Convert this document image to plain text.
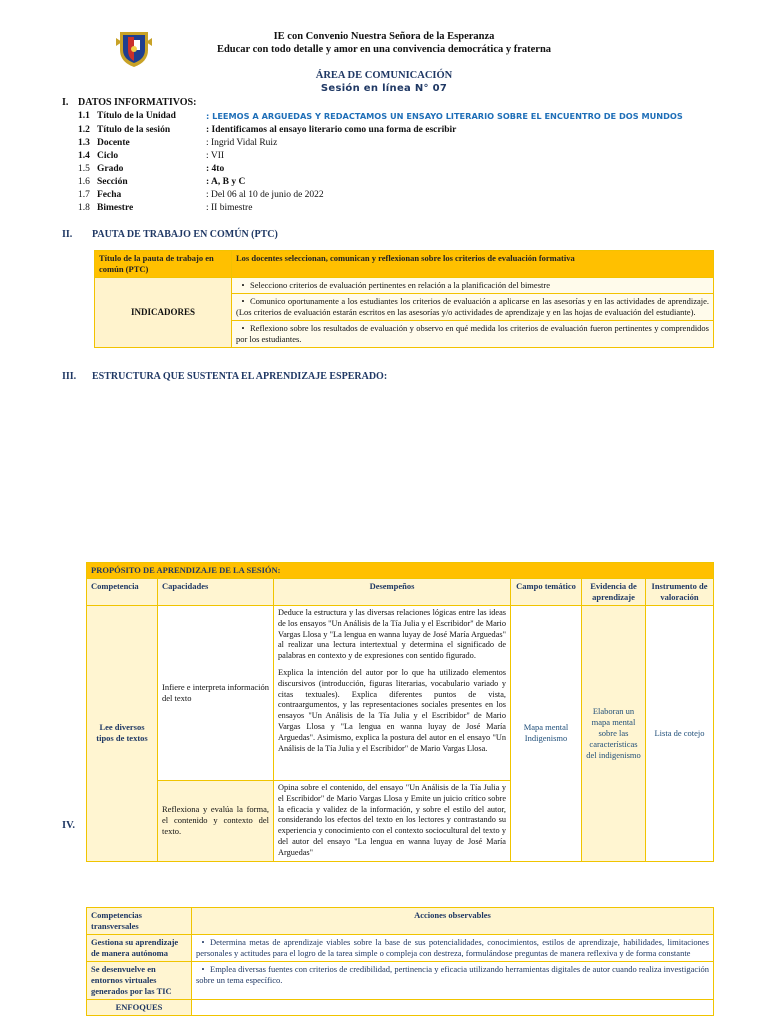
IE con Convenio Nuestra Señora de la Esperanza
Educar con todo detalle y amor en una convivencia democrática y fraterna
ÁREA DE COMUNICACIÓN
Sesión en línea N° 07
I. DATOS INFORMATIVOS:
1.1 Título de la Unidad	: LEEMOS A ARGUEDAS Y REDACTAMOS UN ENSAYO LITERARIO SOBRE EL ENCUENTRO DE DOS MUNDOS
1.2 Título de la sesión	: Identificamos al ensayo literario como una forma de escribir
1.3 Docente	: Ingrid Vidal Ruiz
1.4 Ciclo	: VII
1.5 Grado	: 4to
1.6 Sección	: A, B y C
1.7 Fecha	: Del 06 al 10 de junio de 2022
1.8 Bimestre	: II bimestre
II. PAUTA DE TRABAJO EN COMÚN (PTC)
Título de la pauta de trabajo en común (PTC)	Los docentes seleccionan, comunican y reflexionan sobre los criterios de evaluación formativa
INDICADORES	• Selecciono criterios de evaluación pertinentes en relación a la planificación del bimestre
	• Comunico oportunamente a los estudiantes los criterios de evaluación a aplicarse en las asesorías y en las actividades de aprendizaje. (Los criterios de evaluación estarán escritos en las asesorías y/o actividades de aprendizaje y en las hojas de evaluación del estudiante).
	• Reflexiono sobre los resultados de evaluación y observo en qué medida los criterios de evaluación fueron pertinentes y comprendidos por los estudiantes.
III. ESTRUCTURA QUE SUSTENTA EL APRENDIZAJE ESPERADO:
IV.
PROPÓSITO DE APRENDIZAJE DE LA SESIÓN:					
Competencia	Capacidades	Desempeños	Campo temático	Evidencia de aprendizaje	Instrumento de valoración
Lee diversos tipos de textos	Infiere e interpreta información del texto	Deduce la estructura y las diversas relaciones lógicas entre las ideas de los ensayos "Un Análisis de la Tía Julia y el Escribidor" de Mario Vargas Llosa y "La lengua en wanna luyay de José María Arguedas" al realizar una lectura intertextual y determina el significado de palabras en contexto y de expresiones con sentido figurado.
Explica la intención del autor por lo que ha utilizado elementos discursivos (introducción, figuras literarias, vocabulario variado y citas textuales). Explica diferentes puntos de vista, contraargumentos, y las representaciones sociales presentes en los ensayos "Un Análisis de la Tía Julia y el Escribidor" de Mario Vargas Llosa y "La lengua en wanna luyay de José María Arguedas". Asimismo, explica la postura del autor en el ensayo "Un Análisis de la Tía Julia y el Escribidor" de Mario Vargas Llosa.	Mapa mental Indigenismo	Elaboran un mapa mental sobre las características del indigenismo	Lista de cotejo
	Reflexiona y evalúa la forma, el contenido y contexto del texto.	Opina sobre el contenido, del ensayo "Un Análisis de la Tía Julia y el Escribidor" de Mario Vargas Llosa y Emite un juicio crítico sobre la eficacia y validez de la información, y sobre el estilo del autor, considerando los efectos del texto en los lectores y contrastando su experiencia y conocimiento con el contexto sociocultural del texto y del autor del ensayo "La lengua en wanna luyay de José María Arguedas"			
Competencias transversales	Acciones observables
Gestiona su aprendizaje de manera autónoma	• Determina metas de aprendizaje viables sobre la base de sus potencialidades, conocimientos, estilos de aprendizaje, habilidades, limitaciones personales y actitudes para el logro de la tarea simple o compleja con destreza, formulándose preguntas de manera reflexiva y de forma constante
Se desenvuelve en entornos virtuales generados por las TIC	• Emplea diversas fuentes con criterios de credibilidad, pertinencia y eficacia utilizando herramientas digitales de autor cuando realiza investigación sobre un tema específico.
ENFOQUES	
